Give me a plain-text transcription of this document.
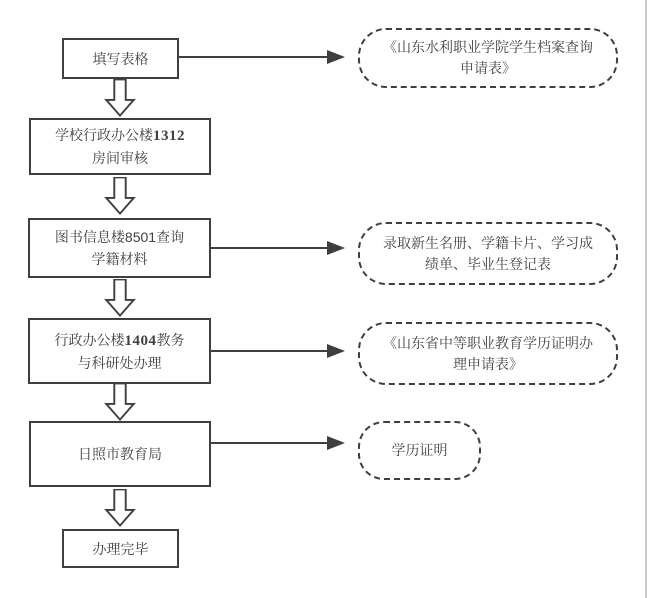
填写表格
学校行政办公楼1312
房间审核
图书信息楼8501查询
学籍材料
行政办公楼1404教务
与科研处办理
日照市教育局
办理完毕
《山东水利职业学院学生档案查询
申请表》
录取新生名册、学籍卡片、学习成
绩单、毕业生登记表
《山东省中等职业教育学历证明办
理申请表》
学历证明
